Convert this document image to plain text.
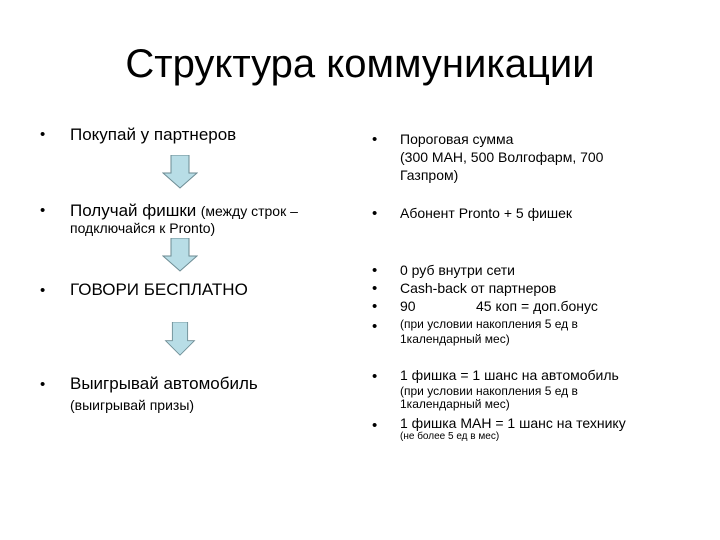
Структура коммуникации
• Покупай у партнеров
• Получай фишки (между строк –
подключайся к Pronto)
• ГОВОРИ БЕСПЛАТНО
• Выигрывай автомобиль
(выигрывай призы)
• Пороговая сумма
(300 МАН, 500 Волгофарм, 700
Газпром)
• Абонент Pronto + 5 фишек
• 0 руб внутри сети
• Cash-back от партнеров
• 90	45 коп = доп.бонус
• (при условии накопления 5 ед в
1календарный мес)
• 1 фишка = 1 шанс на автомобиль
(при условии накопления 5 ед в
1календарный мес)
• 1 фишка МАН = 1 шанс на технику
(не более 5 ед в мес)
